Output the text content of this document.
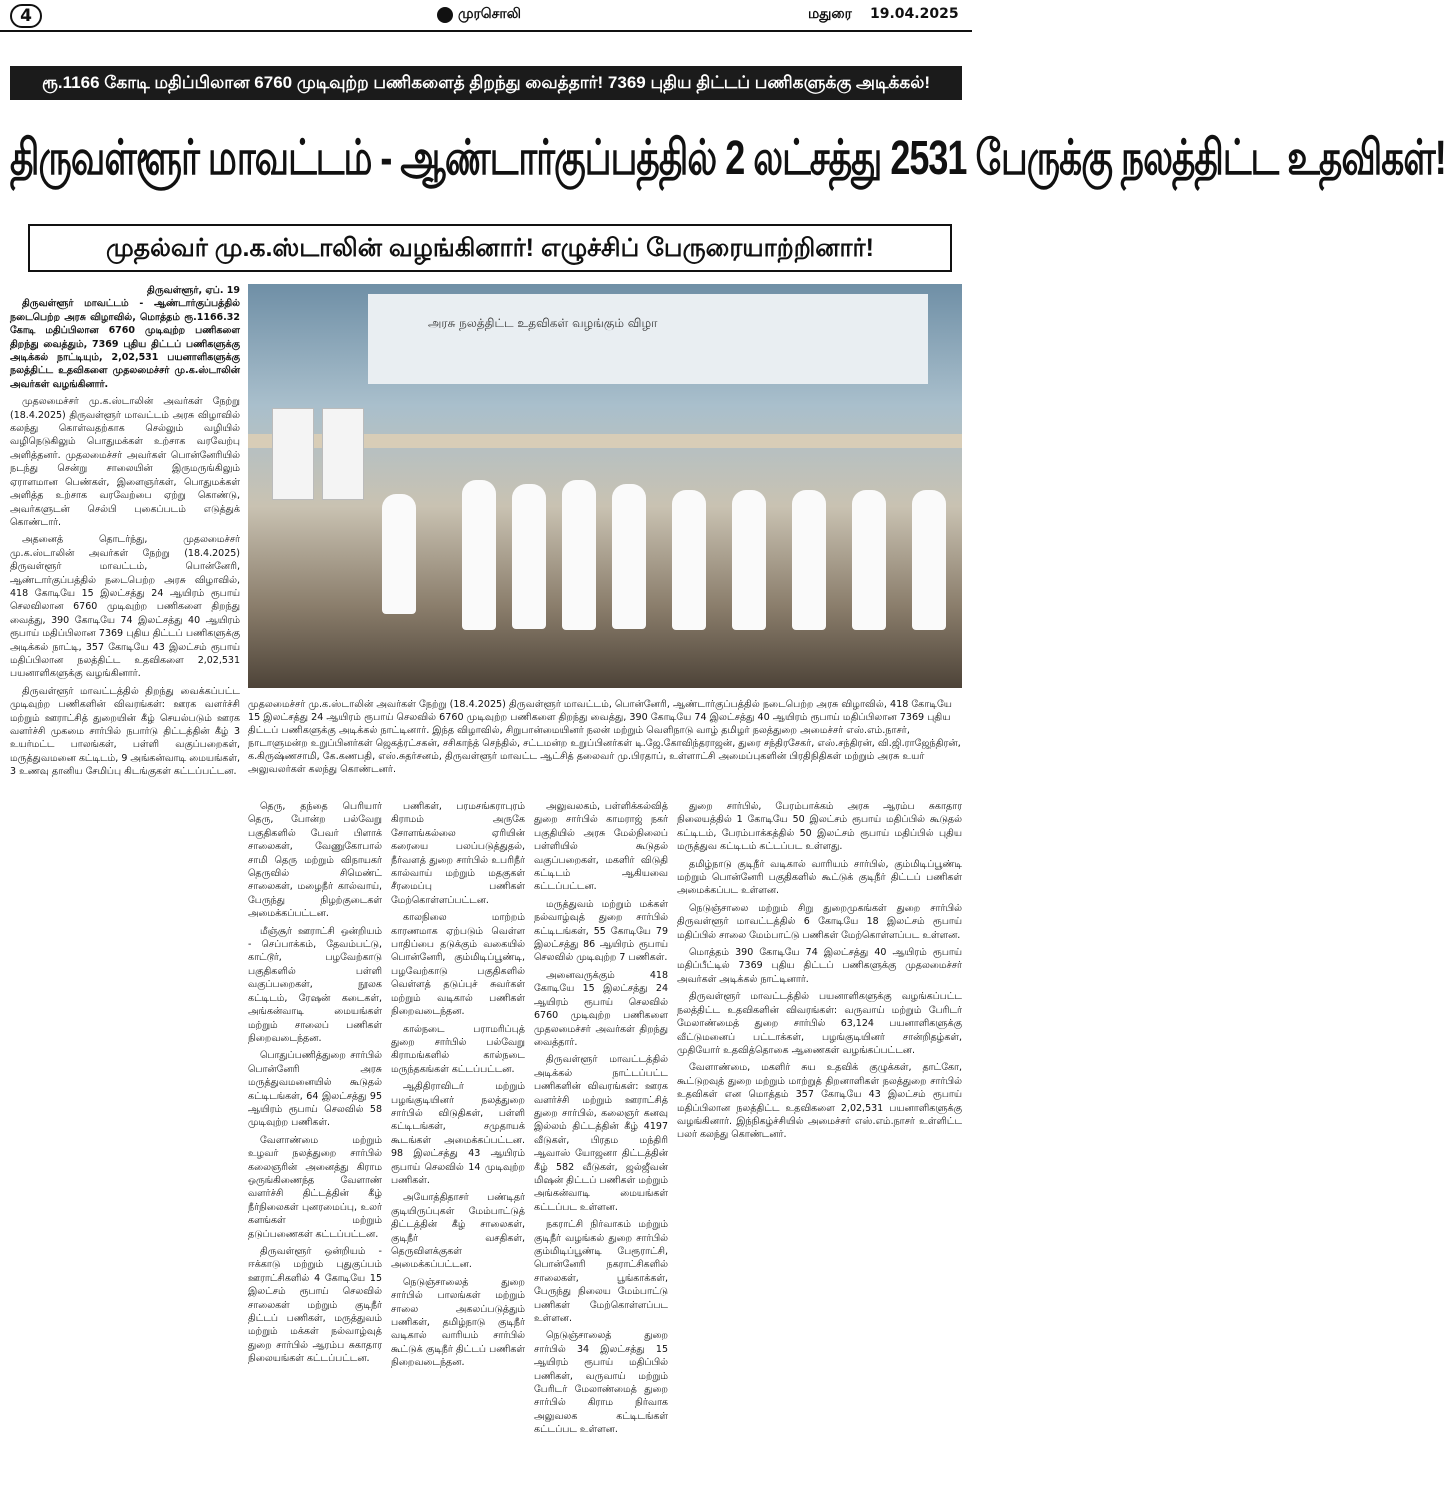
4	முரசொலி	மதுரை 19.04.2025
ரூ.1166 கோடி மதிப்பிலான 6760 முடிவுற்ற பணிகளைத் திறந்து வைத்தார்! 7369 புதிய திட்டப் பணிகளுக்கு அடிக்கல்!
திருவள்ளூர் மாவட்டம் - ஆண்டார்குப்பத்தில் 2 லட்சத்து 2531 பேருக்கு நலத்திட்ட உதவிகள்!
முதல்வர் மு.க.ஸ்டாலின் வழங்கினார்! எழுச்சிப் பேருரையாற்றினார்!
அரசு நலத்திட்ட உதவிகள் வழங்கும் விழா
முதலமைச்சர் மு.க.ஸ்டாலின் அவர்கள் நேற்று (18.4.2025) திருவள்ளூர் மாவட்டம், பொன்னேரி, ஆண்டார்குப்பத்தில் நடைபெற்ற அரசு விழாவில், 418 கோடியே 15 இலட்சத்து 24 ஆயிரம் ரூபாய் செலவில் 6760 முடிவுற்ற பணிகளை திறந்து வைத்து, 390 கோடியே 74 இலட்சத்து 40 ஆயிரம் ரூபாய் மதிப்பிலான 7369 புதிய திட்டப் பணிகளுக்கு அடிக்கல் நாட்டினார். இந்த விழாவில், சிறுபான்மையினர் நலன் மற்றும் வெளிநாடு வாழ் தமிழர் நலத்துறை அமைச்சர் எஸ்.எம்.நாசர், நாடாளுமன்ற உறுப்பினர்கள் ஜெகத்ரட்சகன், சசிகாந்த் செந்தில், சட்டமன்ற உறுப்பினர்கள் டி.ஜே.கோவிந்தராஜன், துரை சந்திரசேகர், எஸ்.சந்திரன், வி.ஜி.ராஜேந்திரன், க.கிருஷ்ணசாமி, கே.கணபதி, எஸ்.சுதர்சனம், திருவள்ளூர் மாவட்ட ஆட்சித் தலைவர் மு.பிரதாப், உள்ளாட்சி அமைப்புகளின் பிரதிநிதிகள் மற்றும் அரசு உயர் அலுவலர்கள் கலந்து கொண்டனர்.
திருவள்ளூர், ஏப். 19

திருவள்ளூர் மாவட்டம் - ஆண்டார்குப்பத்தில் நடைபெற்ற அரசு விழாவில், மொத்தம் ரூ.1166.32 கோடி மதிப்பிலான 6760 முடிவுற்ற பணிகளை திறந்து வைத்தும், 7369 புதிய திட்டப் பணிகளுக்கு அடிக்கல் நாட்டியும், 2,02,531 பயனாளிகளுக்கு நலத்திட்ட உதவிகளை முதலமைச்சர் மு.க.ஸ்டாலின் அவர்கள் வழங்கினார்.

முதலமைச்சர் மு.க.ஸ்டாலின் அவர்கள் நேற்று (18.4.2025) திருவள்ளூர் மாவட்டம் அரசு விழாவில் கலந்து கொள்வதற்காக செல்லும் வழியில் வழிநெடுகிலும் பொதுமக்கள் உற்சாக வரவேற்பு அளித்தனர். முதலமைச்சர் அவர்கள் பொன்னேரியில் நடந்து சென்று சாலையின் இருமருங்கிலும் ஏராளமான பெண்கள், இளைஞர்கள், பொதுமக்கள் அளித்த உற்சாக வரவேற்பை ஏற்று கொண்டு, அவர்களுடன் செல்பி புகைப்படம் எடுத்துக் கொண்டார்.

அதனைத் தொடர்ந்து, முதலமைச்சர் மு.க.ஸ்டாலின் அவர்கள் நேற்று (18.4.2025) திருவள்ளூர் மாவட்டம், பொன்னேரி, ஆண்டார்குப்பத்தில் நடைபெற்ற அரசு விழாவில், 418 கோடியே 15 இலட்சத்து 24 ஆயிரம் ரூபாய் செலவிலான 6760 முடிவுற்ற பணிகளை திறந்து வைத்து, 390 கோடியே 74 இலட்சத்து 40 ஆயிரம் ரூபாய் மதிப்பிலான 7369 புதிய திட்டப் பணிகளுக்கு அடிக்கல் நாட்டி, 357 கோடியே 43 இலட்சம் ரூபாய் மதிப்பிலான நலத்திட்ட உதவிகளை 2,02,531 பயனாளிகளுக்கு வழங்கினார்.

திருவள்ளூர் மாவட்டத்தில் திறந்து வைக்கப்பட்ட முடிவுற்ற பணிகளின் விவரங்கள்: ஊரக வளர்ச்சி மற்றும் ஊராட்சித் துறையின் கீழ் செயல்படும் ஊரக வளர்ச்சி முகமை சார்பில் நபார்டு திட்டத்தின் கீழ் 3 உயர்மட்ட பாலங்கள், பள்ளி வகுப்பறைகள், மருத்துவமனை கட்டிடம், 9 அங்கன்வாடி மையங்கள், 3 உணவு தானிய சேமிப்பு கிடங்குகள் கட்டப்பட்டன.

தெரு, தந்தை பெரியார் தெரு, போன்ற பல்வேறு பகுதிகளில் பேவர் பிளாக் சாலைகள், வேணுகோபால் சாமி தெரு மற்றும் விநாயகர் தெருவில் சிமெண்ட் சாலைகள், மழைநீர் கால்வாய், பேருந்து நிழற்குடைகள் அமைக்கப்பட்டன.

மீஞ்சூர் ஊராட்சி ஒன்றியம் - செப்பாக்கம், தேவம்பட்டு, காட்டூர், பழவேற்காடு பகுதிகளில் பள்ளி வகுப்பறைகள், நூலக கட்டிடம், ரேஷன் கடைகள், அங்கன்வாடி மையங்கள் மற்றும் சாலைப் பணிகள் நிறைவடைந்தன.

பொதுப்பணித்துறை சார்பில் பொன்னேரி அரசு மருத்துவமனையில் கூடுதல் கட்டிடங்கள், 64 இலட்சத்து 95 ஆயிரம் ரூபாய் செலவில் 58 முடிவுற்ற பணிகள்.

வேளாண்மை மற்றும் உழவர் நலத்துறை சார்பில் கலைஞரின் அனைத்து கிராம ஒருங்கிணைந்த வேளாண் வளர்ச்சி திட்டத்தின் கீழ் நீர்நிலைகள் புனரமைப்பு, உலர் களங்கள் மற்றும் தடுப்பணைகள் கட்டப்பட்டன.

திருவள்ளூர் ஒன்றியம் - ஈக்காடு மற்றும் புதுகுப்பம் ஊராட்சிகளில் 4 கோடியே 15 இலட்சம் ரூபாய் செலவில் சாலைகள் மற்றும் குடிநீர் திட்டப் பணிகள், மருத்துவம் மற்றும் மக்கள் நல்வாழ்வுத் துறை சார்பில் ஆரம்ப சுகாதார நிலையங்கள் கட்டப்பட்டன.

பணிகள், பரமசங்கராபுரம் கிராமம் அருகே சோளங்கல்லை ஏரியின் கரையை பலப்படுத்துதல், நீர்வளத் துறை சார்பில் உபரிநீர் கால்வாய் மற்றும் மதகுகள் சீரமைப்பு பணிகள் மேற்கொள்ளப்பட்டன.

காலநிலை மாற்றம் காரணமாக ஏற்படும் வெள்ள பாதிப்பை தடுக்கும் வகையில் பொன்னேரி, கும்மிடிப்பூண்டி, பழவேற்காடு பகுதிகளில் வெள்ளத் தடுப்புச் சுவர்கள் மற்றும் வடிகால் பணிகள் நிறைவடைந்தன.

கால்நடை பராமரிப்புத் துறை சார்பில் பல்வேறு கிராமங்களில் கால்நடை மருந்தகங்கள் கட்டப்பட்டன.

ஆதிதிராவிடர் மற்றும் பழங்குடியினர் நலத்துறை சார்பில் விடுதிகள், பள்ளி கட்டிடங்கள், சமுதாயக் கூடங்கள் அமைக்கப்பட்டன. 98 இலட்சத்து 43 ஆயிரம் ரூபாய் செலவில் 14 முடிவுற்ற பணிகள்.

அயோத்திதாசர் பண்டிதர் குடியிருப்புகள் மேம்பாட்டுத் திட்டத்தின் கீழ் சாலைகள், குடிநீர் வசதிகள், தெருவிளக்குகள் அமைக்கப்பட்டன.

நெடுஞ்சாலைத் துறை சார்பில் பாலங்கள் மற்றும் சாலை அகலப்படுத்தும் பணிகள், தமிழ்நாடு குடிநீர் வடிகால் வாரியம் சார்பில் கூட்டுக் குடிநீர் திட்டப் பணிகள் நிறைவடைந்தன.

அலுவலகம், பள்ளிக்கல்வித் துறை சார்பில் காமராஜ் நகர் பகுதியில் அரசு மேல்நிலைப் பள்ளியில் கூடுதல் வகுப்பறைகள், மகளிர் விடுதி கட்டிடம் ஆகியவை கட்டப்பட்டன.

மருத்துவம் மற்றும் மக்கள் நல்வாழ்வுத் துறை சார்பில் கட்டிடங்கள், 55 கோடியே 79 இலட்சத்து 86 ஆயிரம் ரூபாய் செலவில் முடிவுற்ற 7 பணிகள்.

அனைவருக்கும் 418 கோடியே 15 இலட்சத்து 24 ஆயிரம் ரூபாய் செலவில் 6760 முடிவுற்ற பணிகளை முதலமைச்சர் அவர்கள் திறந்து வைத்தார்.

திருவள்ளூர் மாவட்டத்தில் அடிக்கல் நாட்டப்பட்ட பணிகளின் விவரங்கள்: ஊரக வளர்ச்சி மற்றும் ஊராட்சித் துறை சார்பில், கலைஞர் கனவு இல்லம் திட்டத்தின் கீழ் 4197 வீடுகள், பிரதம மந்திரி ஆவாஸ் யோஜனா திட்டத்தின் கீழ் 582 வீடுகள், ஜல்ஜீவன் மிஷன் திட்டப் பணிகள் மற்றும் அங்கன்வாடி மையங்கள் கட்டப்பட உள்ளன.

நகராட்சி நிர்வாகம் மற்றும் குடிநீர் வழங்கல் துறை சார்பில் கும்மிடிப்பூண்டி பேரூராட்சி, பொன்னேரி நகராட்சிகளில் சாலைகள், பூங்காக்கள், பேருந்து நிலைய மேம்பாட்டு பணிகள் மேற்கொள்ளப்பட உள்ளன.

நெடுஞ்சாலைத் துறை சார்பில் 34 இலட்சத்து 15 ஆயிரம் ரூபாய் மதிப்பில் பணிகள், வருவாய் மற்றும் பேரிடர் மேலாண்மைத் துறை சார்பில் கிராம நிர்வாக அலுவலக கட்டிடங்கள் கட்டப்பட உள்ளன.

துறை சார்பில், பேரம்பாக்கம் அரசு ஆரம்ப சுகாதார நிலையத்தில் 1 கோடியே 50 இலட்சம் ரூபாய் மதிப்பில் கூடுதல் கட்டிடம், பேரம்பாக்கத்தில் 50 இலட்சம் ரூபாய் மதிப்பில் புதிய மருத்துவ கட்டிடம் கட்டப்பட உள்ளது.

தமிழ்நாடு குடிநீர் வடிகால் வாரியம் சார்பில், கும்மிடிப்பூண்டி மற்றும் பொன்னேரி பகுதிகளில் கூட்டுக் குடிநீர் திட்டப் பணிகள் அமைக்கப்பட உள்ளன.

நெடுஞ்சாலை மற்றும் சிறு துறைமுகங்கள் துறை சார்பில் திருவள்ளூர் மாவட்டத்தில் 6 கோடியே 18 இலட்சம் ரூபாய் மதிப்பில் சாலை மேம்பாட்டு பணிகள் மேற்கொள்ளப்பட உள்ளன.

மொத்தம் 390 கோடியே 74 இலட்சத்து 40 ஆயிரம் ரூபாய் மதிப்பீட்டில் 7369 புதிய திட்டப் பணிகளுக்கு முதலமைச்சர் அவர்கள் அடிக்கல் நாட்டினார்.

திருவள்ளூர் மாவட்டத்தில் பயனாளிகளுக்கு வழங்கப்பட்ட நலத்திட்ட உதவிகளின் விவரங்கள்: வருவாய் மற்றும் பேரிடர் மேலாண்மைத் துறை சார்பில் 63,124 பயனாளிகளுக்கு வீட்டுமனைப் பட்டாக்கள், பழங்குடியினர் சான்றிதழ்கள், முதியோர் உதவித்தொகை ஆணைகள் வழங்கப்பட்டன.

வேளாண்மை, மகளிர் சுய உதவிக் குழுக்கள், தாட்கோ, கூட்டுறவுத் துறை மற்றும் மாற்றுத் திறனாளிகள் நலத்துறை சார்பில் உதவிகள் என மொத்தம் 357 கோடியே 43 இலட்சம் ரூபாய் மதிப்பிலான நலத்திட்ட உதவிகளை 2,02,531 பயனாளிகளுக்கு வழங்கினார். இந்நிகழ்ச்சியில் அமைச்சர் எஸ்.எம்.நாசர் உள்ளிட்ட பலர் கலந்து கொண்டனர்.
